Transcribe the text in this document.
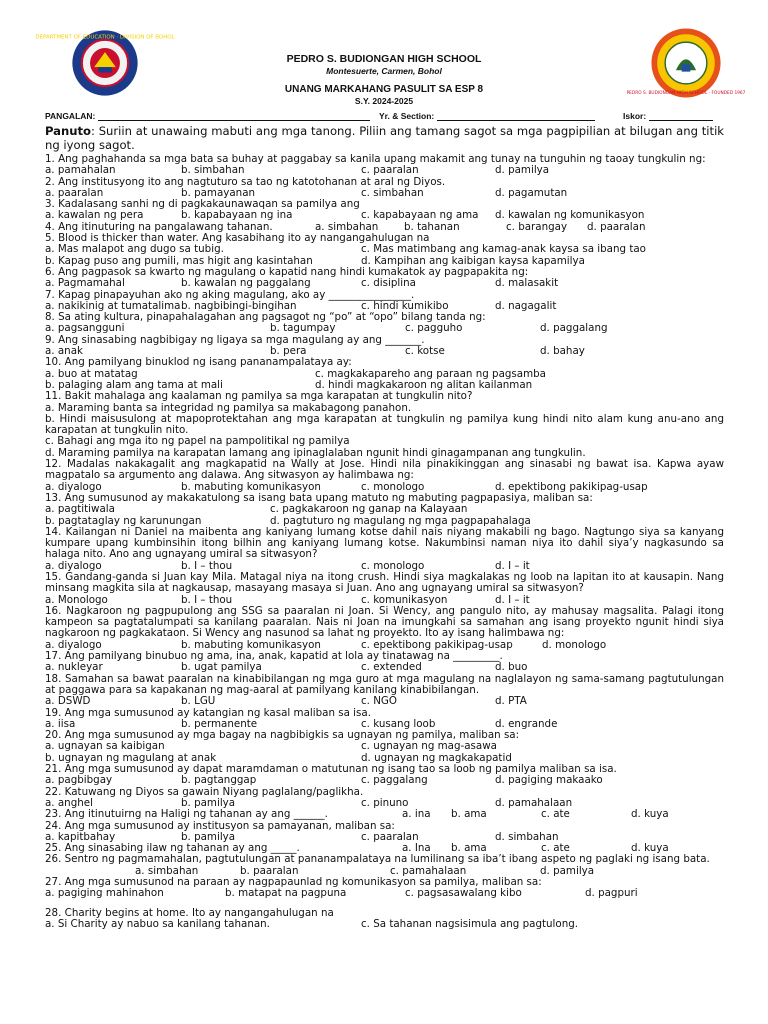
DEPARTMENT OF EDUCATION · DIVISION OF BOHOL
PEDRO S. BUDIONGAN HIGH SCHOOL · FOUNDED 1967
PEDRO S. BUDIONGAN HIGH SCHOOL
Montesuerte, Carmen, Bohol
UNANG MARKAHANG PASULIT SA ESP 8
S.Y. 2024-2025
PANGALAN:	Yr. & Section:	Iskor:
Panuto: Suriin at unawaing mabuti ang mga tanong. Piliin ang tamang sagot sa mga pagpipilian at bilugan ang titik ng iyong sagot.
1. Ang paghahanda sa mga bata sa buhay at paggabay sa kanila upang makamit ang tunay na tunguhin ng taoay tungkulin ng:
a. pamahalan	b. simbahan	c. paaralan	d. pamilya
2. Ang institusyong ito ang nagtuturo sa tao ng katotohanan at aral ng Diyos.
a. paaralan	b. pamayanan	c. simbahan	d. pagamutan
3. Kadalasang sanhi ng di pagkakaunawaqan sa pamilya ang
a. kawalan ng pera	b. kapabayaan ng ina	c. kapabayaan ng ama d. kawalan ng komunikasyon
a. simbahan b. tahanan	c. barangay d. paaralan
4. Ang itinuturing na pangalawang tahanan.
5. Blood is thicker than water. Ang kasabihang ito ay nangangahulugan na
a. Mas malapot ang dugo sa tubig.	c. Mas matimbang ang kamag-anak kaysa sa ibang tao
b. Kapag puso ang pumili, mas higit ang kasintahan	d. Kampihan ang kaibigan kaysa kapamilya
6. Ang pagpasok sa kwarto ng magulang o kapatid nang hindi kumakatok ay pagpapakita ng:
a. Pagmamahal	b. kawalan ng paggalang	c. disiplina	d. malasakit
7. Kapag pinapayuhan ako ng aking magulang, ako ay ________________.
a. nakikinig at tumatalima b. nagbibingi-bingihan	c. hindi kumikibo	d. nagagalit
8. Sa ating kultura, pinapahalagahan ang pagsagot ng “po” at “opo” bilang tanda ng:
a. pagsangguni	b. tagumpay	c. pagguho	d. paggalang
9. Ang sinasabing nagbibigay ng ligaya sa mga magulang ay ang _______.
a. anak	b. pera	c. kotse	d. bahay
10. Ang pamilyang binuklod ng isang pananampalataya ay:
a. buo at matatag	c. magkakapareho ang paraan ng pagsamba
b. palaging alam ang tama at mali	d. hindi magkakaroon ng alitan kailanman
11. Bakit mahalaga ang kaalaman ng pamilya sa mga karapatan at tungkulin nito?
a. Maraming banta sa integridad ng pamilya sa makabagong panahon.
b. Hindi maisusulong at mapoprotektahan ang mga karapatan at tungkulin ng pamilya kung hindi nito alam kung anu-ano ang karapatan at tungkulin nito.
c. Bahagi ang mga ito ng papel na pampolitikal ng pamilya
d. Maraming pamilya na karapatan lamang ang ipinaglalaban ngunit hindi ginagampanan ang tungkulin.
12. Madalas nakakagalit ang magkapatid na Wally at Jose. Hindi nila pinakikinggan ang sinasabi ng bawat isa. Kapwa ayaw magpatalo sa argumento ang dalawa. Ang sitwasyon ay halimbawa ng:
a. diyalogo	b. mabuting komunikasyon	c. monologo	d. epektibong pakikipag-usap
13. Ang sumusunod ay makakatulong sa isang bata upang matuto ng mabuting pagpapasiya, maliban sa:
a. pagtitiwala	c. pagkakaroon ng ganap na Kalayaan
b. pagtataglay ng karunungan	d. pagtuturo ng magulang ng mga pagpapahalaga
14. Kailangan ni Daniel na maibenta ang kaniyang lumang kotse dahil nais niyang makabili ng bago. Nagtungo siya sa kanyang kumpare upang kumbinsihin itong bilhin ang kaniyang lumang kotse. Nakumbinsi naman niya ito dahil siya’y nagkasundo sa halaga nito. Ano ang ugnayang umiral sa sitwasyon?
a. diyalogo	b. I – thou	c. monologo	d. I – it
15. Gandang-ganda si Juan kay Mila. Matagal niya na itong crush. Hindi siya magkalakas ng loob na lapitan ito at kausapin. Nang minsang magkita sila at nagkausap, masayang masaya si Juan. Ano ang ugnayang umiral sa sitwasyon?
a. Monologo	b. I – thou	c. komunikasyon	d. I – it
16. Nagkaroon ng pagpupulong ang SSG sa paaralan ni Joan. Si Wency, ang pangulo nito, ay mahusay magsalita. Palagi itong kampeon sa pagtatalumpati sa kanilang paaralan. Nais ni Joan na imungkahi sa samahan ang isang proyekto ngunit hindi siya nagkaroon ng pagkakataon. Si Wency ang nasunod sa lahat ng proyekto. Ito ay isang halimbawa ng:
a. diyalogo	b. mabuting komunikasyon	c. epektibong pakikipag-usap	d. monologo
17. Ang pamilyang binubuo ng ama, ina, anak, kapatid at lola ay tinatawag na _________.
a. nukleyar	b. ugat pamilya	c. extended	d. buo
18. Samahan sa bawat paaralan na kinabibilangan ng mga guro at mga magulang na naglalayon ng sama-samang pagtutulungan at paggawa para sa kapakanan ng mag-aaral at pamilyang kanilang kinabibilangan.
a. DSWD	b. LGU	c. NGO	d. PTA
19. Ang mga sumusunod ay katangian ng kasal maliban sa isa.
a. iisa	b. permanente	c. kusang loob	d. engrande
20. Ang mga sumusunod ay mga bagay na nagbibigkis sa ugnayan ng pamilya, maliban sa:
a. ugnayan sa kaibigan	c. ugnayan ng mag-asawa
b. ugnayan ng magulang at anak	d. ugnayan ng magkakapatid
21. Ang mga sumusunod ay dapat maramdaman o matutunan ng isang tao sa loob ng pamilya maliban sa isa.
a. pagbibgay	b. pagtanggap	c. paggalang	d. pagiging makaako
22. Katuwang ng Diyos sa gawain Niyang paglalang/paglikha.
a. anghel	b. pamilya	c. pinuno	d. pamahalaan
a. ina b. ama	c. ate	d. kuya
23. Ang itinutuirng na Haligi ng tahanan ay ang ______.
24. Ang mga sumusunod ay institusyon sa pamayanan, maliban sa:
a. kapitbahay	b. pamilya	c. paaralan	d. simbahan
a. Ina b. ama	c. ate	d. kuya
25. Ang sinasabing ilaw ng tahanan ay ang _____.
26. Sentro ng pagmamahalan, pagtutulungan at pananampalataya na lumilinang sa iba’t ibang aspeto ng paglaki ng isang bata.
a. simbahan	b. paaralan	c. pamahalaan	d. pamilya
27. Ang mga sumusunod na paraan ay nagpapaunlad ng komunikasyon sa pamilya, maliban sa:
a. pagiging mahinahon	b. matapat na pagpuna	c. pagsasawalang kibo	d. pagpuri
28. Charity begins at home. Ito ay nangangahulugan na
a. Si Charity ay nabuo sa kanilang tahanan.	c. Sa tahanan nagsisimula ang pagtulong.
